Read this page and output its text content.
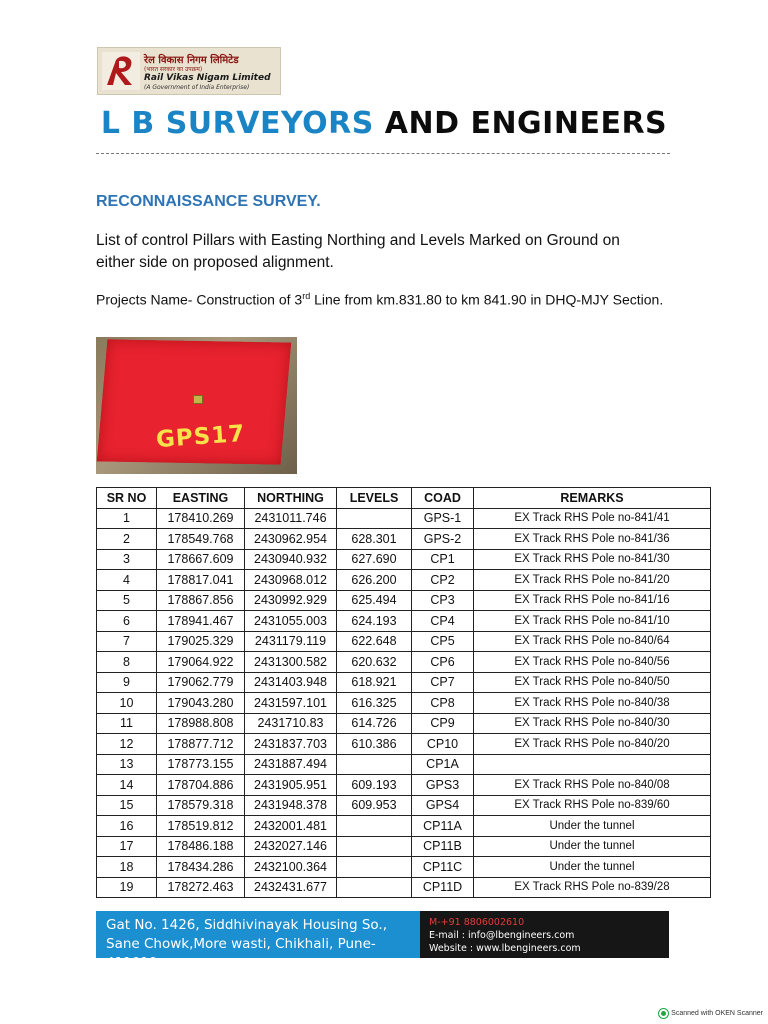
रेल विकास निगम लिमिटेड
(भारत सरकार का उपक्रम)
Rail Vikas Nigam Limited
(A Government of India Enterprise)
L B SURVEYORS AND ENGINEERS
RECONNAISSANCE SURVEY.
List of control Pillars with Easting Northing and Levels Marked on Ground on either side on proposed alignment.
Projects Name- Construction of 3rd Line from km.831.80 to km 841.90 in DHQ-MJY Section.
GPS17
SR NO	EASTING	NORTHING	LEVELS	COAD	REMARKS
1	178410.269	2431011.746		GPS-1	EX Track RHS Pole no-841/41
2	178549.768	2430962.954	628.301	GPS-2	EX Track RHS Pole no-841/36
3	178667.609	2430940.932	627.690	CP1	EX Track RHS Pole no-841/30
4	178817.041	2430968.012	626.200	CP2	EX Track RHS Pole no-841/20
5	178867.856	2430992.929	625.494	CP3	EX Track RHS Pole no-841/16
6	178941.467	2431055.003	624.193	CP4	EX Track RHS Pole no-841/10
7	179025.329	2431179.119	622.648	CP5	EX Track RHS Pole no-840/64
8	179064.922	2431300.582	620.632	CP6	EX Track RHS Pole no-840/56
9	179062.779	2431403.948	618.921	CP7	EX Track RHS Pole no-840/50
10	179043.280	2431597.101	616.325	CP8	EX Track RHS Pole no-840/38
11	178988.808	2431710.83	614.726	CP9	EX Track RHS Pole no-840/30
12	178877.712	2431837.703	610.386	CP10	EX Track RHS Pole no-840/20
13	178773.155	2431887.494		CP1A	
14	178704.886	2431905.951	609.193	GPS3	EX Track RHS Pole no-840/08
15	178579.318	2431948.378	609.953	GPS4	EX Track RHS Pole no-839/60
16	178519.812	2432001.481		CP11A	Under the tunnel
17	178486.188	2432027.146		CP11B	Under the tunnel
18	178434.286	2432100.364		CP11C	Under the tunnel
19	178272.463	2432431.677		CP11D	EX Track RHS Pole no-839/28
Gat No. 1426, Siddhivinayak Housing So.,
Sane Chowk,More wasti, Chikhali, Pune-411019
M-+91 8806002610
E-mail : info@lbengineers.com
Website : www.lbengineers.com
Scanned with OKEN Scanner
